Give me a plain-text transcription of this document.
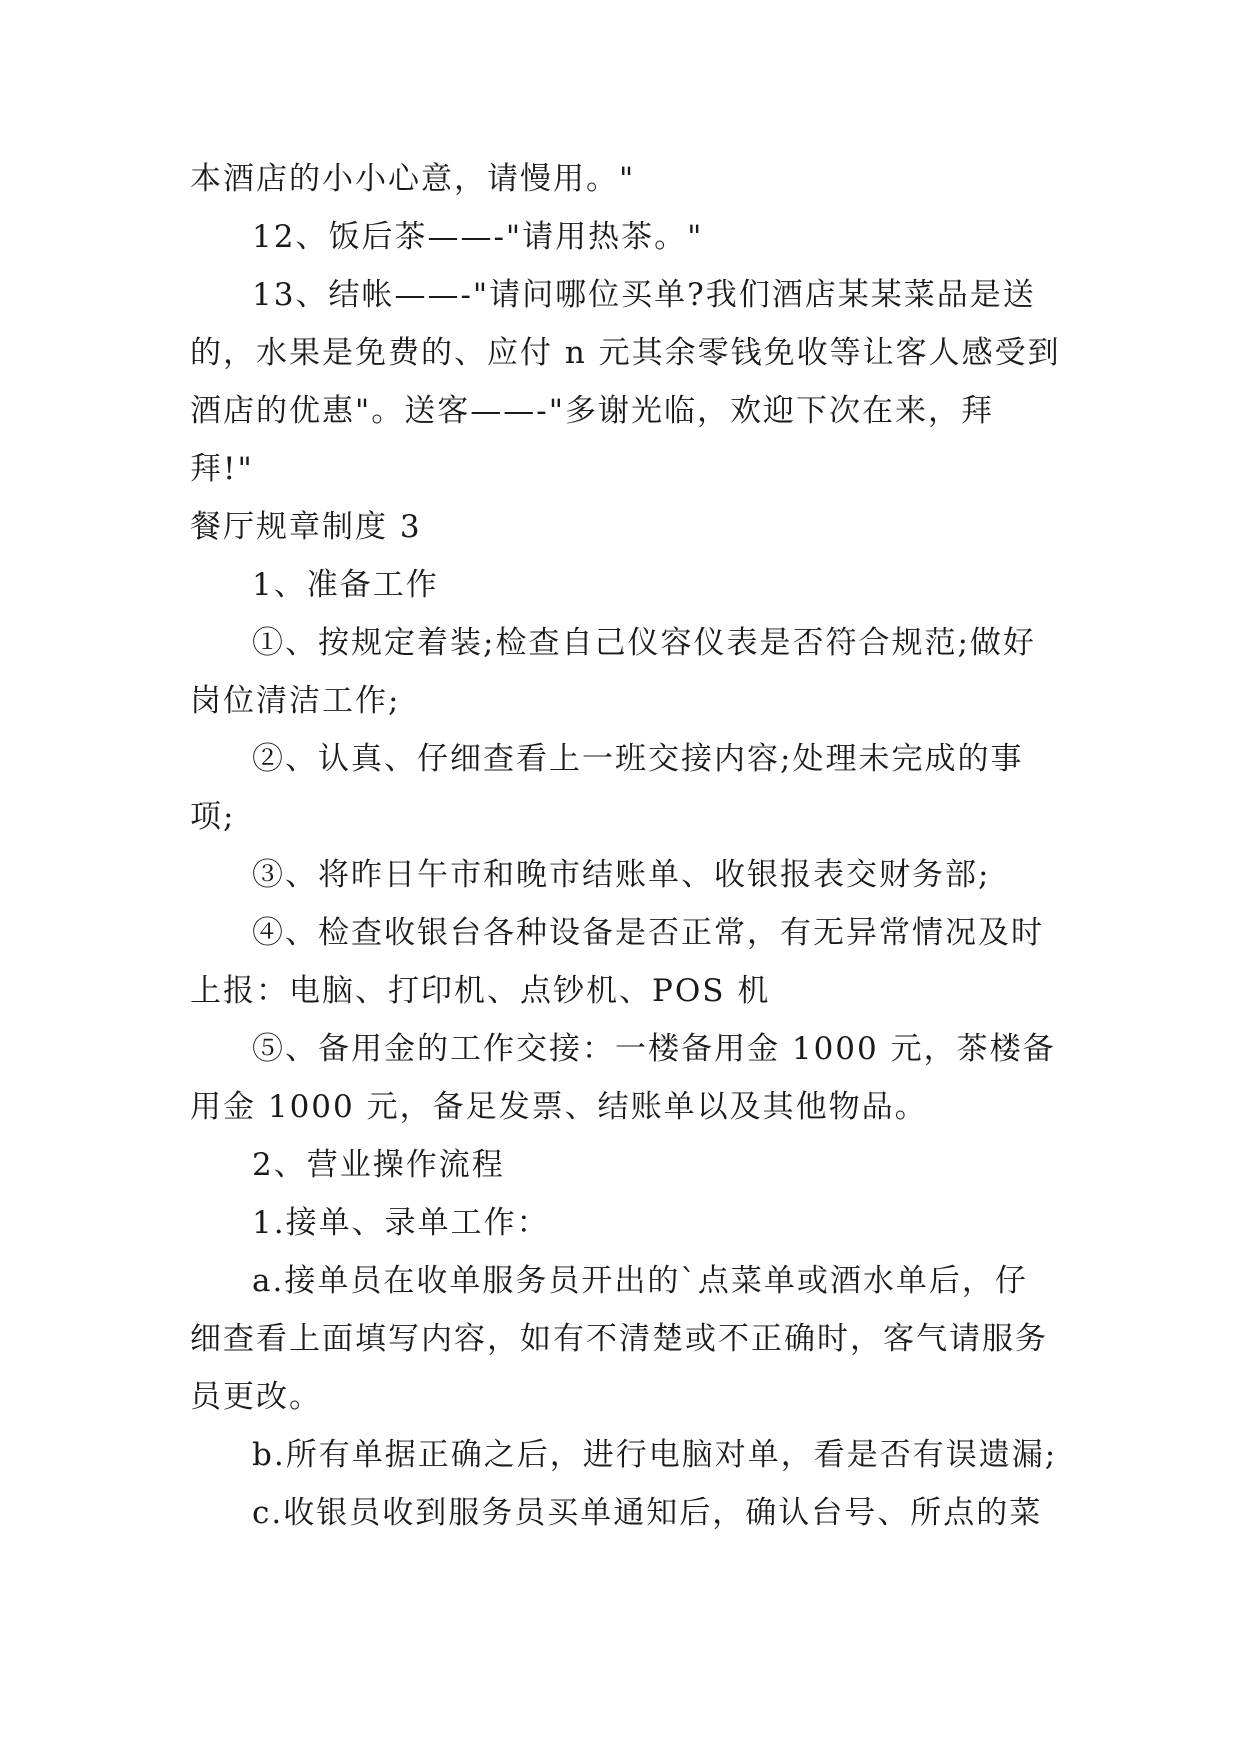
本酒店的小小心意，请慢用。"

12、饭后茶——-"请用热茶。"

13、结帐——-"请问哪位买单?我们酒店某某菜品是送

的，水果是免费的、应付 n 元其余零钱免收等让客人感受到

酒店的优惠"。送客——-"多谢光临，欢迎下次在来，拜

拜!"

餐厅规章制度 3

1、准备工作

①、按规定着装;检查自己仪容仪表是否符合规范;做好

岗位清洁工作;

②、认真、仔细查看上一班交接内容;处理未完成的事

项;

③、将昨日午市和晚市结账单、收银报表交财务部;

④、检查收银台各种设备是否正常，有无异常情况及时

上报：电脑、打印机、点钞机、POS 机

⑤、备用金的工作交接：一楼备用金 1000 元，茶楼备

用金 1000 元，备足发票、结账单以及其他物品。

2、营业操作流程

1.接单、录单工作：

a.接单员在收单服务员开出的`点菜单或酒水单后，仔

细查看上面填写内容，如有不清楚或不正确时，客气请服务

员更改。

b.所有单据正确之后，进行电脑对单，看是否有误遗漏;

c.收银员收到服务员买单通知后，确认台号、所点的菜
